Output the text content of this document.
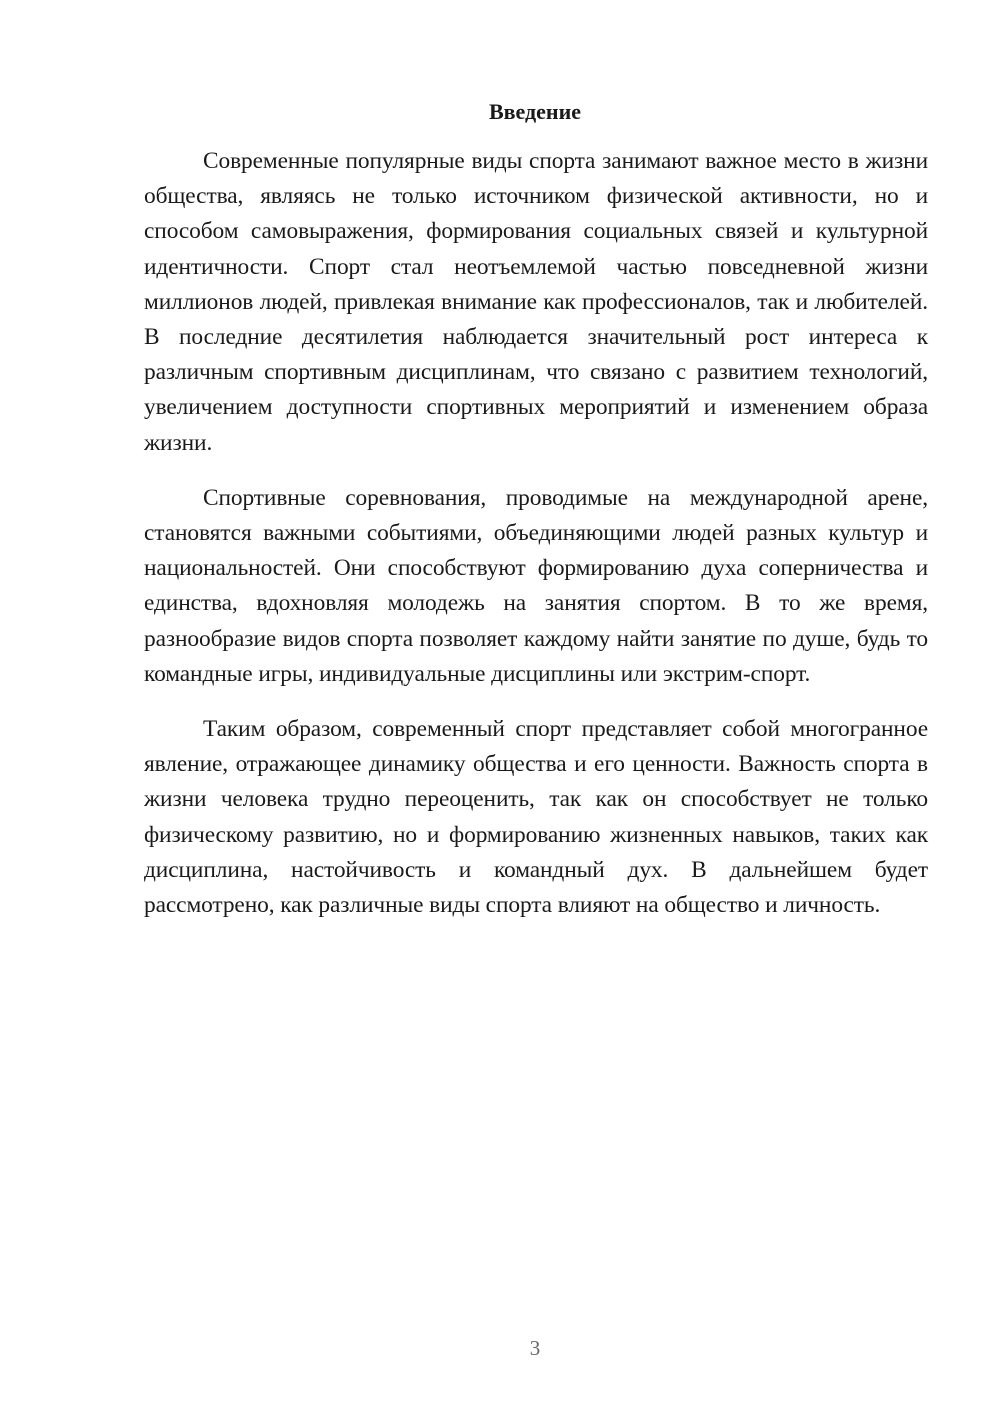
Введение

Современные популярные виды спорта занимают важное место в жизни общества, являясь не только источником физической активности, но и способом самовыражения, формирования социальных связей и культурной идентичности. Спорт стал неотъемлемой частью повседневной жизни миллионов людей, привлекая внимание как профессионалов, так и любителей. В последние десятилетия наблюдается значительный рост интереса к различным спортивным дисциплинам, что связано с развитием технологий, увеличением доступности спортивных мероприятий и изменением образа жизни.

Спортивные соревнования, проводимые на международной арене, становятся важными событиями, объединяющими людей разных культур и национальностей. Они способствуют формированию духа соперничества и единства, вдохновляя молодежь на занятия спортом. В то же время, разнообразие видов спорта позволяет каждому найти занятие по душе, будь то командные игры, индивидуальные дисциплины или экстрим-спорт.

Таким образом, современный спорт представляет собой многогранное явление, отражающее динамику общества и его ценности. Важность спорта в жизни человека трудно переоценить, так как он способствует не только физическому развитию, но и формированию жизненных навыков, таких как дисциплина, настойчивость и командный дух. В дальнейшем будет рассмотрено, как различные виды спорта влияют на общество и личность.

3
